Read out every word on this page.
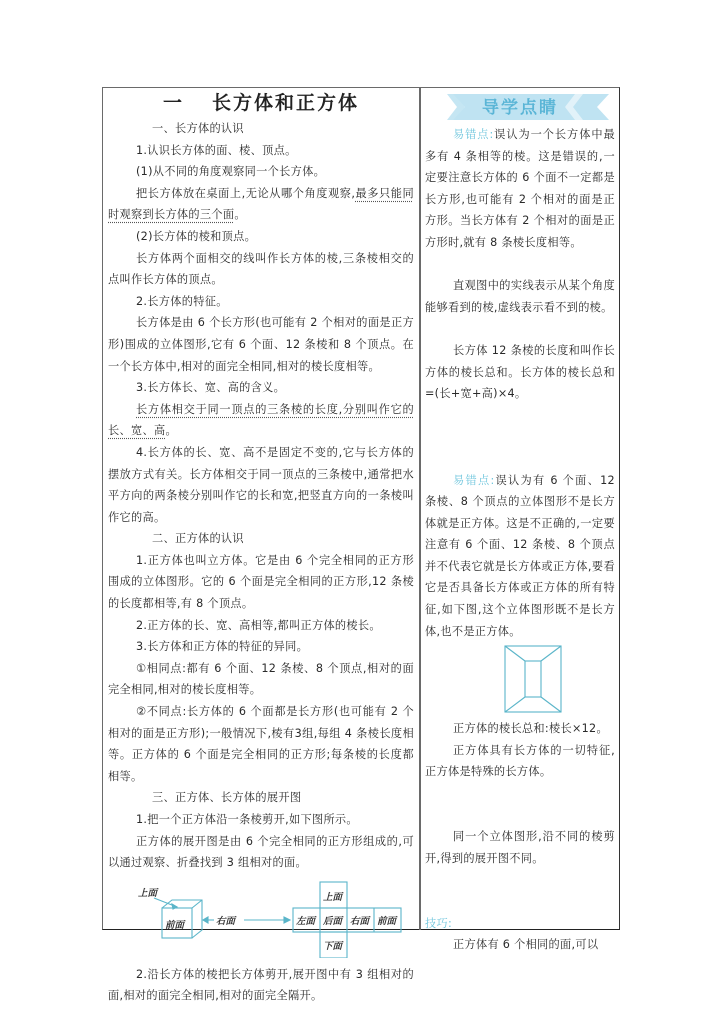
一 长方体和正方体

一、长方体的认识

1.认识长方体的面、棱、顶点。

(1)从不同的角度观察同一个长方体。

把长方体放在桌面上,无论从哪个角度观察,最多只能同时观察到长方体的三个面。

(2)长方体的棱和顶点。

长方体两个面相交的线叫作长方体的棱,三条棱相交的点叫作长方体的顶点。

2.长方体的特征。

长方体是由 6 个长方形(也可能有 2 个相对的面是正方形)围成的立体图形,它有 6 个面、12 条棱和 8 个顶点。在一个长方体中,相对的面完全相同,相对的棱长度相等。

3.长方体长、宽、高的含义。

长方体相交于同一顶点的三条棱的长度,分别叫作它的长、宽、高。

4.长方体的长、宽、高不是固定不变的,它与长方体的摆放方式有关。长方体相交于同一顶点的三条棱中,通常把水平方向的两条棱分别叫作它的长和宽,把竖直方向的一条棱叫作它的高。

二、正方体的认识

1.正方体也叫立方体。它是由 6 个完全相同的正方形围成的立体图形。它的 6 个面是完全相同的正方形,12 条棱的长度都相等,有 8 个顶点。

2.正方体的长、宽、高相等,都叫正方体的棱长。

3.长方体和正方体的特征的异同。

①相同点:都有 6 个面、12 条棱、8 个顶点,相对的面完全相同,相对的棱长度相等。

②不同点:长方体的 6 个面都是长方形(也可能有 2 个相对的面是正方形);一般情况下,棱有3组,每组 4 条棱长度相等。正方体的 6 个面是完全相同的正方形;每条棱的长度都相等。

三、正方体、长方体的展开图

1.把一个正方体沿一条棱剪开,如下图所示。

正方体的展开图是由 6 个完全相同的正方形组成的,可以通过观察、折叠找到 3 组相对的面。

上面
前面	右面
上面
左面 后面 右面 前面
下面

2.沿长方体的棱把长方体剪开,展开图中有 3 组相对的面,相对的面完全相同,相对的面完全隔开。

导学点睛

易错点:误认为一个长方体中最多有 4 条相等的棱。这是错误的,一定要注意长方体的 6 个面不一定都是长方形,也可能有 2 个相对的面是正方形。当长方体有 2 个相对的面是正方形时,就有 8 条棱长度相等。

直观图中的实线表示从某个角度能够看到的棱,虚线表示看不到的棱。

长方体 12 条棱的长度和叫作长方体的棱长总和。长方体的棱长总和=(长+宽+高)×4。

易错点:误认为有 6 个面、12 条棱、8 个顶点的立体图形不是长方体就是正方体。这是不正确的,一定要注意有 6 个面、12 条棱、8 个顶点并不代表它就是长方体或正方体,要看它是否具备长方体或正方体的所有特征,如下图,这个立体图形既不是长方体,也不是正方体。

正方体的棱长总和:棱长×12。

正方体具有长方体的一切特征,正方体是特殊的长方体。

同一个立体图形,沿不同的棱剪开,得到的展开图不同。

技巧:

正方体有 6 个相同的面,可以
